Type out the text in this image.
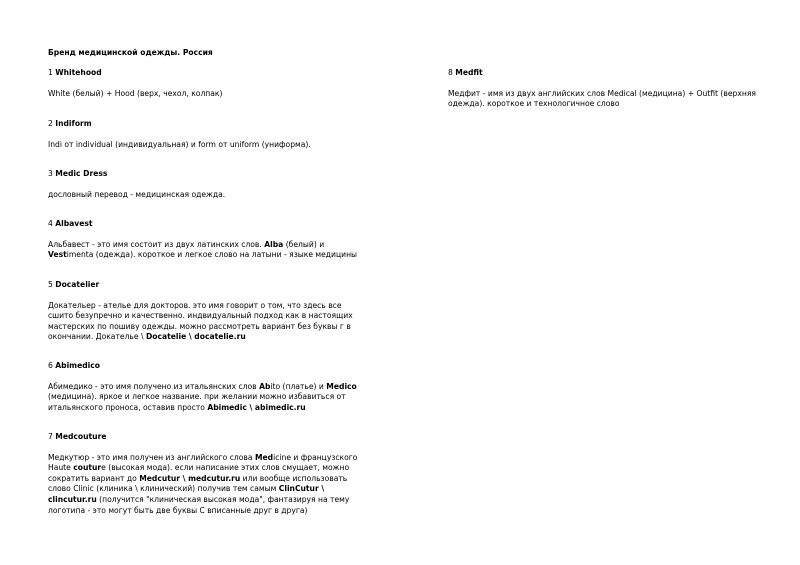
Бренд медицинской одежды. Россия
1 Whitehood
White (белый) + Hood (верх, чехол, колпак)
2 Indiform
Indi от individual (индивидуальная) и form от uniform (униформа).
3 Medic Dress
дословный перевод - медицинская одежда.
4 Albavest
Альбавест - это имя состоит из двух латинских слов. Alba (белый) и Vestimenta (одежда). короткое и легкое слово на латыни - языке медицины
5 Docatelier
Докательер - ателье для докторов. это имя говорит о том, что здесь все сшито безупречно и качественно. индвидуальный подход как в настоящих мастерских по пошиву одежды. можно рассмотреть вариант без буквы г в окончании. Докателье \ Docatelie \ docatelie.ru
6 Abimedico
Абимедико - это имя получено из итальянских слов Abito (платье) и Medico (медицина). яркое и легкое название. при желании можно избавиться от итальянского проноса, оставив просто Abimedic \ abimedic.ru
7 Medcouture
Медкутюр - это имя получен из английского слова Medicine и французского Haute couture (высокая мода). если написание этих слов смущает, можно сократить вариант до Medcutur \ medcutur.ru или вообще использовать слово Clinic (клиника \ клинический) получив тем самым ClinCutur \ clincutur.ru (получится "клиническая высокая мода", фантазируя на тему логотипа - это могут быть две буквы С вписанные друг в друга)
8 Medfit
Медфит - имя из двух английских слов Medical (медицина) + Outfit (верхняя одежда). короткое и технологичное слово
